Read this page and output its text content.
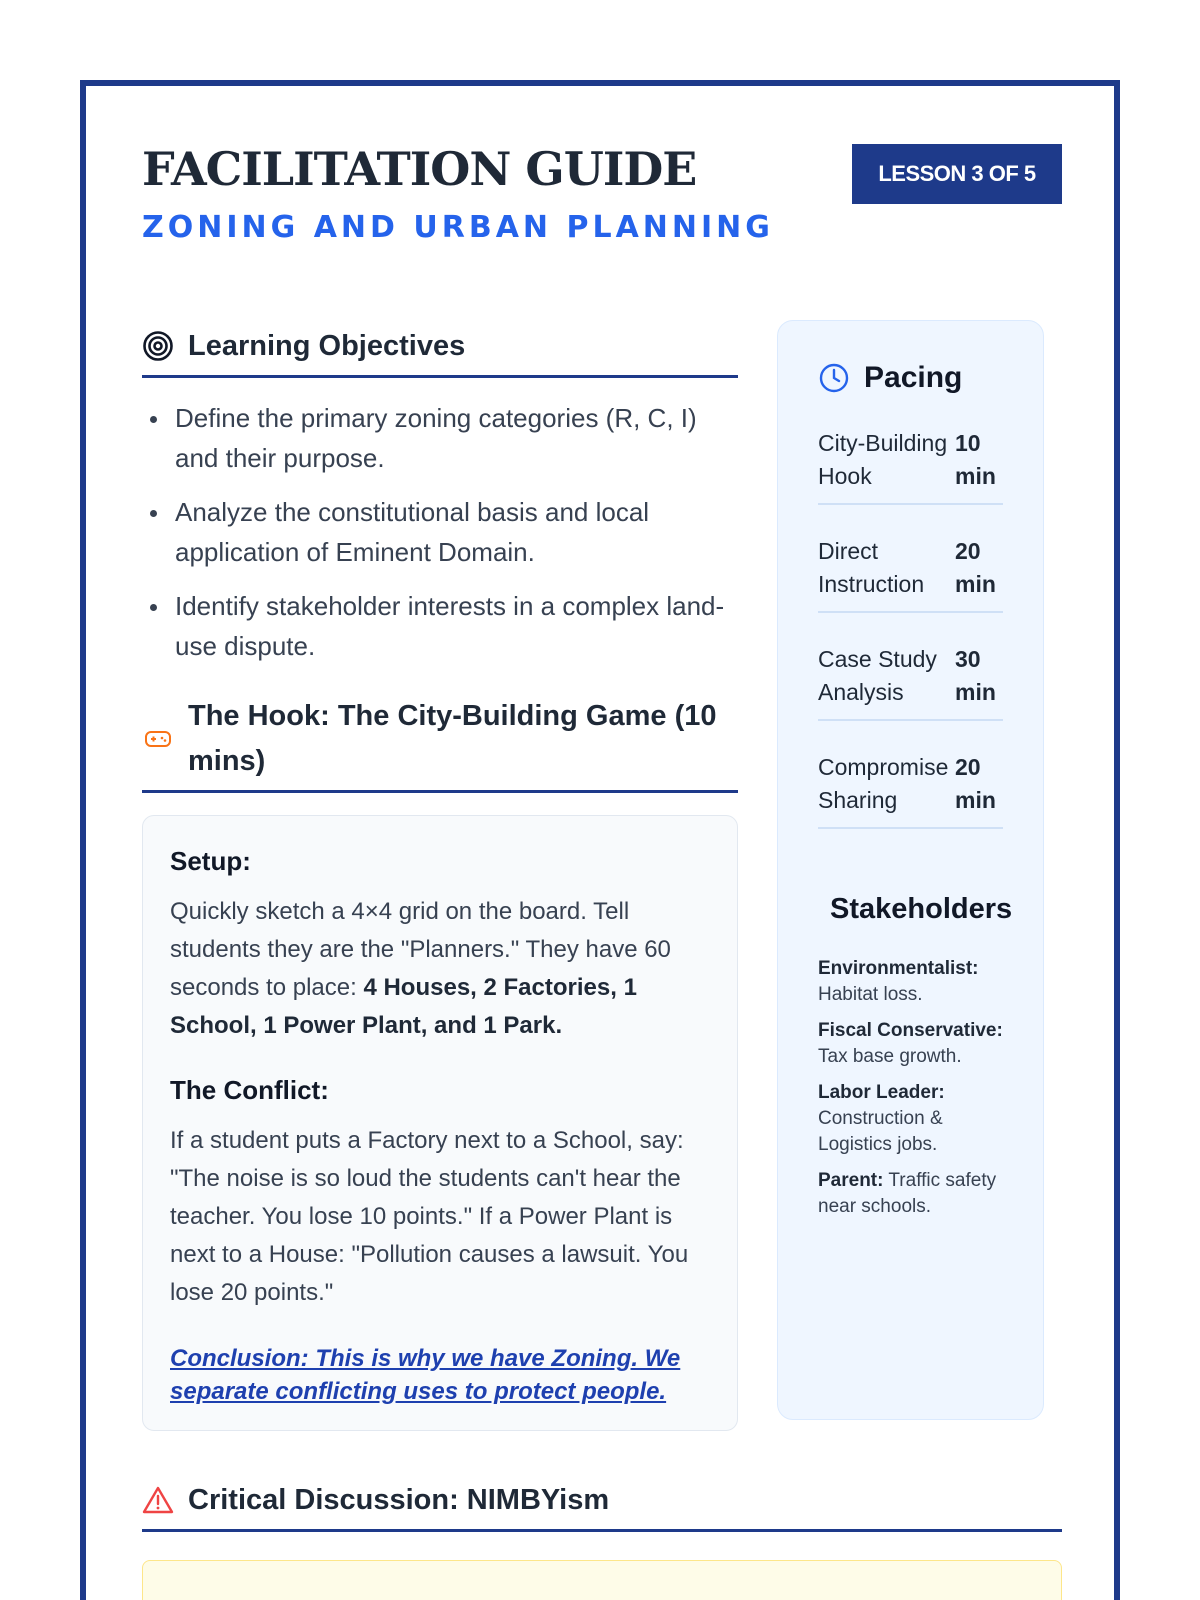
FACILITATION GUIDE
ZONING AND URBAN PLANNING
LESSON 3 OF 5
Learning Objectives
Define the primary zoning categories (R, C, I) and their purpose.
Analyze the constitutional basis and local application of Eminent Domain.
Identify stakeholder interests in a complex land-use dispute.
The Hook: The City-Building Game (10 mins)
Setup:

Quickly sketch a 4×4 grid on the board. Tell students they are the "Planners." They have 60 seconds to place: 4 Houses, 2 Factories, 1 School, 1 Power Plant, and 1 Park.

The Conflict:

If a student puts a Factory next to a School, say: "The noise is so loud the students can't hear the teacher. You lose 10 points." If a Power Plant is next to a House: "Pollution causes a lawsuit. You lose 20 points."

Conclusion: This is why we have Zoning. We separate conflicting uses to protect people.
Pacing
City-Building Hook
10 min
Direct Instruction
20 min
Case Study Analysis
30 min
Compromise Sharing
20 min
Stakeholders
Environmentalist: Habitat loss.
Fiscal Conservative: Tax base growth.
Labor Leader: Construction & Logistics jobs.
Parent: Traffic safety near schools.
Critical Discussion: NIMBYism
